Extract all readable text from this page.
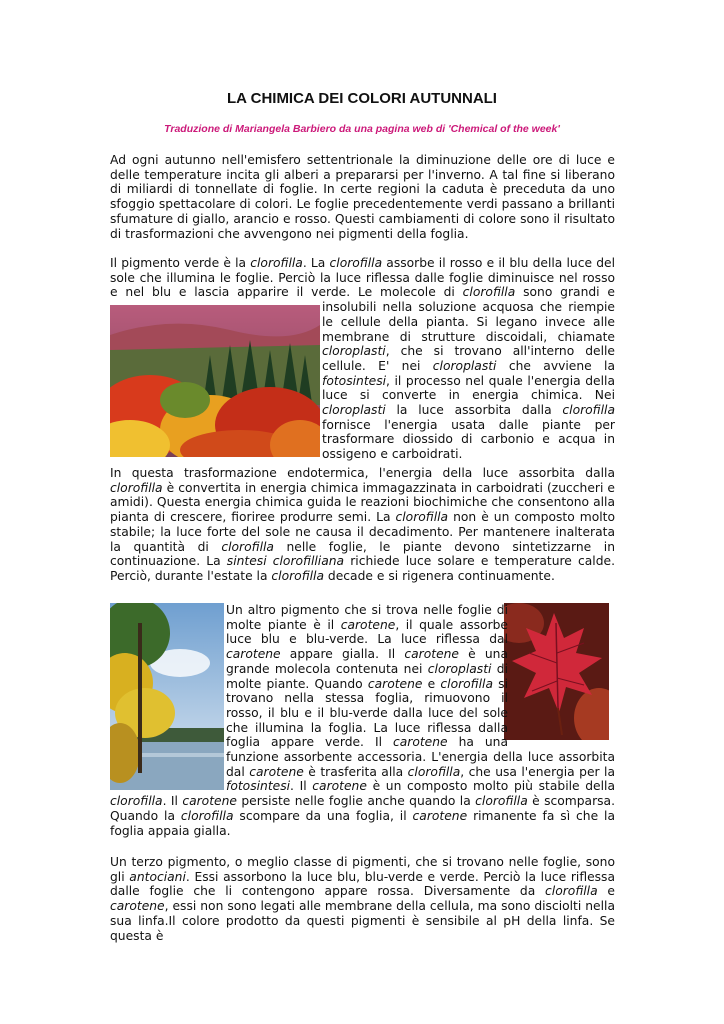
LA CHIMICA DEI COLORI AUTUNNALI
Traduzione di Mariangela Barbiero da una pagina web di 'Chemical of the week'

Ad ogni autunno nell'emisfero settentrionale la diminuzione delle ore di luce e delle temperature incita gli alberi a prepararsi per l'inverno. A tal fine si liberano di miliardi di tonnellate di foglie. In certe regioni la caduta è preceduta da uno sfoggio spettacolare di colori. Le foglie precedentemente verdi passano a brillanti sfumature di giallo, arancio e rosso. Questi cambiamenti di colore sono il risultato di trasformazioni che avvengono nei pigmenti della foglia.

Il pigmento verde è la clorofilla. La clorofilla assorbe il rosso e il blu della luce del sole che illumina le foglie. Perciò la luce riflessa dalle foglie diminuisce nel rosso e nel blu e lascia apparire il verde. Le molecole di
clorofilla sono grandi e insolubili nella soluzione acquosa che riempie le cellule della pianta. Si legano invece alle membrane di strutture discoidali, chiamate cloroplasti, che si trovano all'interno delle cellule. E' nei cloroplasti che avviene la fotosintesi, il processo nel quale l'energia della luce si converte in energia chimica. Nei cloroplasti la luce assorbita dalla clorofilla fornisce l'energia usata dalle piante per trasformare diossido di carbonio e acqua in ossigeno e carboidrati.

In questa trasformazione endotermica, l'energia della luce assorbita dalla clorofilla è convertita in energia chimica immagazzinata in carboidrati (zuccheri e amidi). Questa energia chimica guida le reazioni biochimiche che consentono alla pianta di crescere, fioriree produrre semi. La clorofilla non è un composto molto stabile; la luce forte del sole ne causa il decadimento. Per mantenere inalterata la quantità di clorofilla nelle foglie, le piante devono sintetizzarne in continuazione. La sintesi clorofilliana richiede luce solare e temperature calde. Perciò, durante l'estate la clorofilla decade e si rigenera continuamente.

Un altro pigmento che si trova nelle foglie di molte piante è il carotene, il quale assorbe luce blu e blu-verde. La luce riflessa dal carotene appare gialla. Il carotene è una grande molecola contenuta nei cloroplasti di molte piante. Quando carotene e clorofilla si trovano nella stessa foglia, rimuovono il rosso, il blu e il blu-verde dalla luce del sole che illumina la foglia. La luce riflessa dalla foglia appare verde. Il carotene ha una funzione assorbente accessoria. L'energia della luce assorbita dal carotene è trasferita alla clorofilla, che usa l'energia per la fotosintesi. Il carotene è un composto molto più stabile della clorofilla. Il carotene persiste nelle foglie anche quando la clorofilla è scomparsa. Quando la clorofilla scompare da una foglia, il carotene rimanente fa sì che la foglia appaia gialla.

Un terzo pigmento, o meglio classe di pigmenti, che si trovano nelle foglie, sono gli antociani. Essi assorbono la luce blu, blu-verde e verde. Perciò la luce riflessa dalle foglie che li contengono appare rossa. Diversamente da clorofilla e carotene, essi non sono legati alle membrane della cellula, ma sono disciolti nella sua linfa.Il colore prodotto da questi pigmenti è sensibile al pH della linfa. Se questa è
